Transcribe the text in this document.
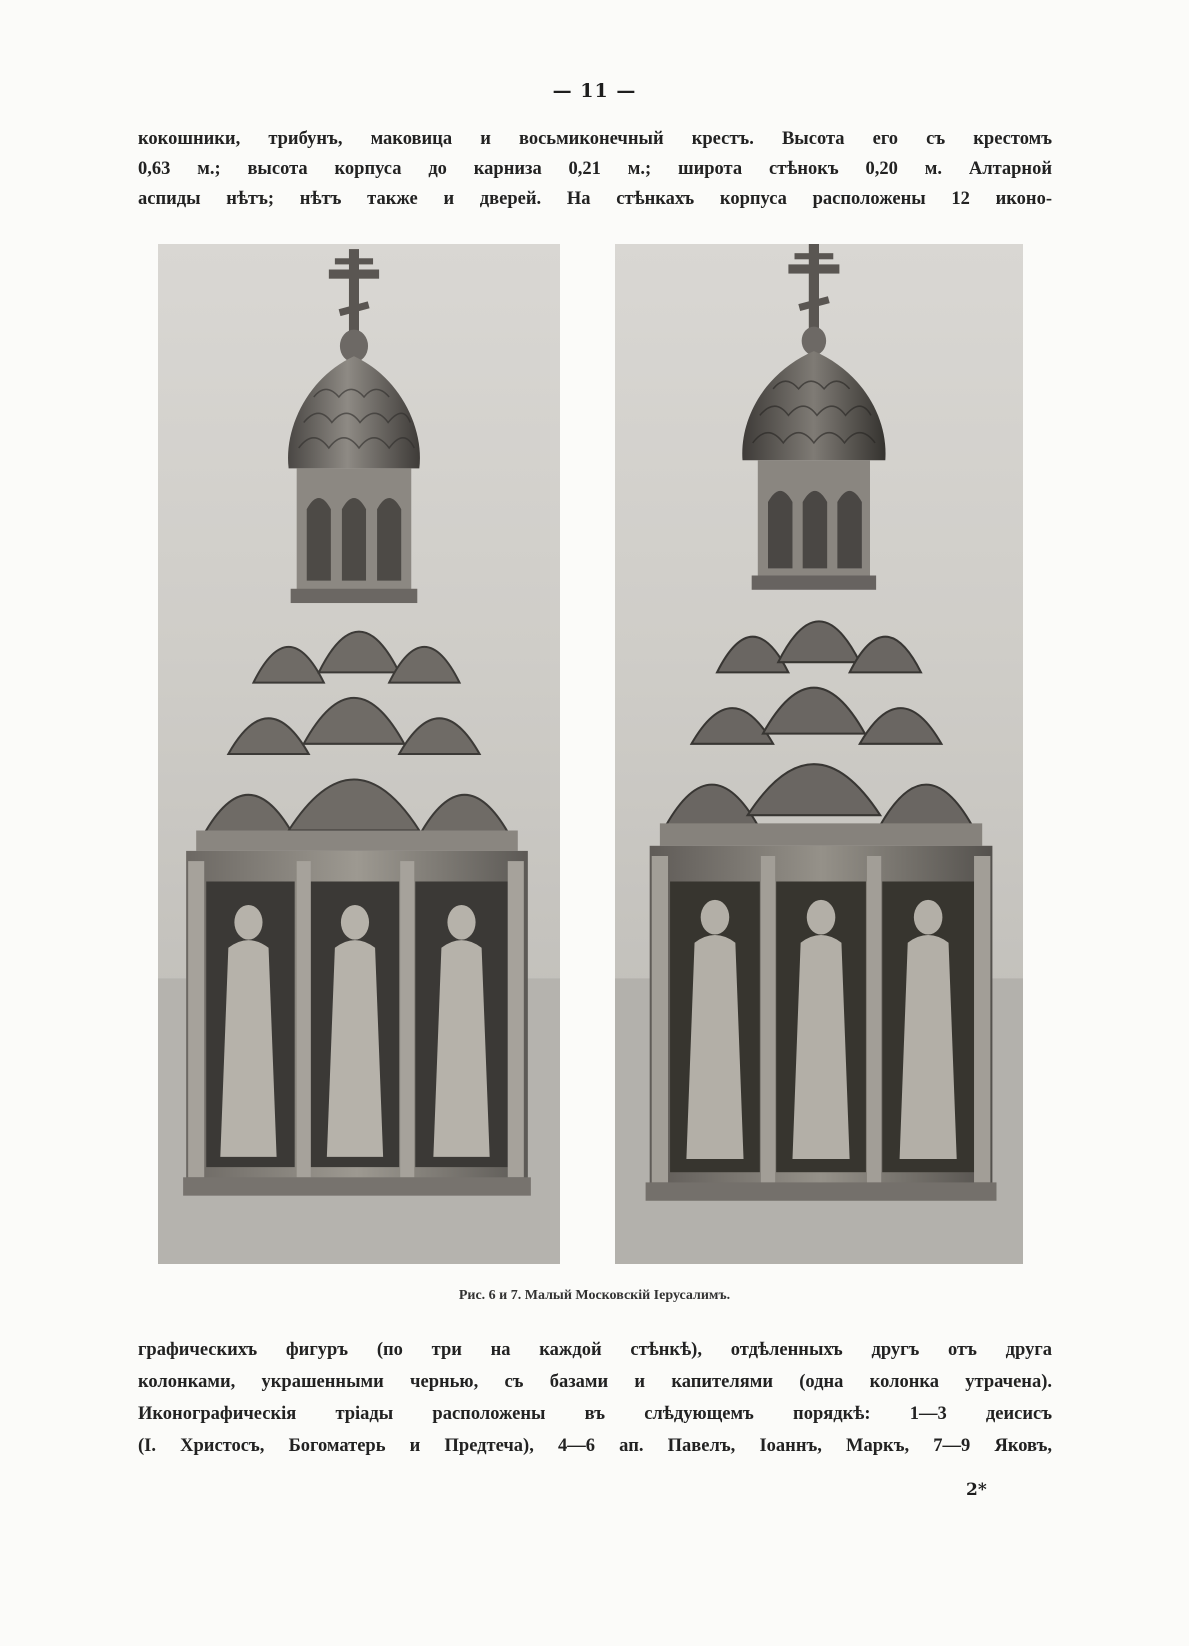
— 11 —
кокошники, трибунъ, маковица и восьмиконечный крестъ. Высота его съ крестомъ
0,63 м.; высота корпуса до карниза 0,21 м.; широта стѣнокъ 0,20 м. Алтарной
аспиды нѣтъ; нѣтъ также и дверей. На стѣнкахъ корпуса расположены 12 иконо-
Рис. 6 и 7. Малый Московскій Іерусалимъ.
графическихъ фигуръ (по три на каждой стѣнкѣ), отдѣленныхъ другъ отъ друга
колонками, украшенными чернью, съ базами и капителями (одна колонка утрачена).
Иконографическія тріады расположены въ слѣдующемъ порядкѣ: 1—3 деисисъ
(І. Христосъ, Богоматерь и Предтеча), 4—6 ап. Павелъ, Іоаннъ, Маркъ, 7—9 Яковъ,
2*
